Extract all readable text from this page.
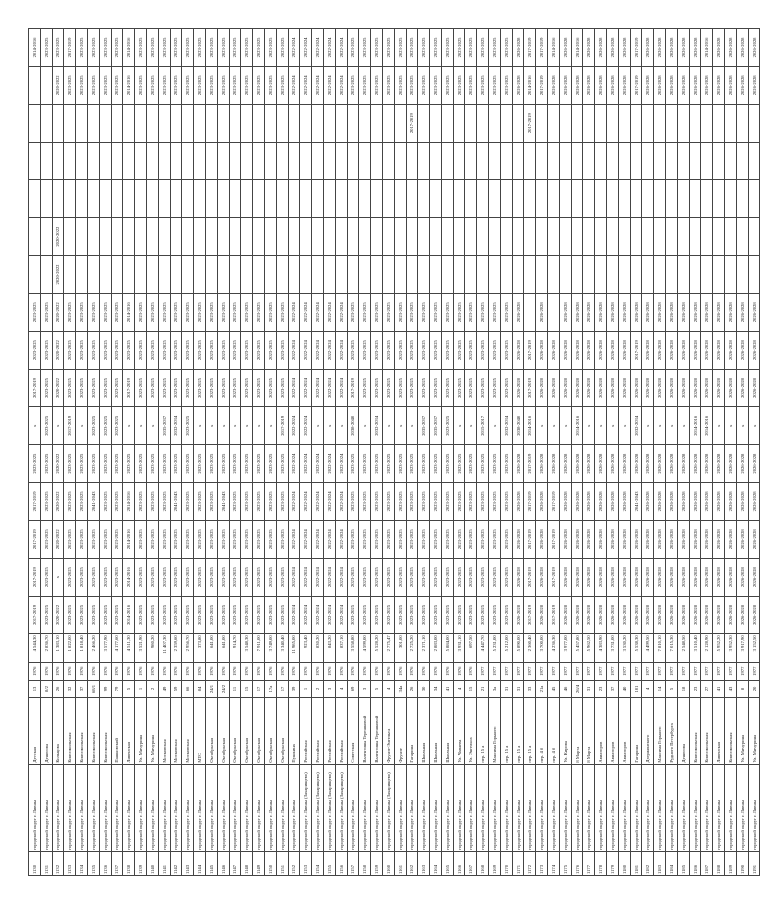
1130	городской округ г. Ливны	Детская	13	1976	4 544,30	2017-2019	2017-2019	2017-2019	2017-2019	2023-2025	x	2017-2019	2023-2025	2023-2025							2014-2016
1131	городской округ г. Ливны	Денисова	8/2	1976	2 836,70	2023-2025	2023-2025	2023-2025	2023-2025	2023-2025	2023-2025	2023-2025	2023-2025	2023-2025							2023-2025
1132	городской округ г. Ливны	Кольцова	26	1976	1 383,10	2020-2022	x	2020-2022	2020-2022	2020-2022	x	2020-2022	2020-2022	2020-2022	2020-2022	2020-2022				2020-2022	2023-2025
1133	городской округ г. Ливны	Комсомольская	32	1976	1 822,00	2023-2025	2023-2025	2023-2025	2023-2025	2023-2025	2017-2019	2023-2025	2023-2025	2023-2025						2023-2025	2017-2019
1134	городской округ г. Ливны	Комсомольская	37	1976	1 818,40	2023-2025	2023-2025	2023-2025	2023-2025	2023-2025	x	2023-2025	2023-2025	2023-2025						2023-2025	2023-2025
1135	городской округ г. Ливны	Комсомольская	68/1	1976	2 466,20	2023-2025	2023-2025	2023-2025	2041-2043	2023-2025	2023-2025	2023-2025	2023-2025	2023-2025						2023-2025	2023-2025
1136	городской округ г. Ливны	Комсомольская	99	1976	3 577,90	2023-2025	2023-2025	2023-2025	2023-2025	2023-2025	2023-2025	2023-2025	2023-2025	2023-2025						2023-2025	2023-2025
1137	городской округ г. Ливны	Пашковский	79	1976	4 177,60	2023-2025	2023-2025	2023-2025	2023-2025	2023-2025	2023-2025	2023-2025	2023-2025	2023-2025						2023-2025	2023-2025
1138	городской округ г. Ливны	Ливенская	5	1976	4 511,30	2014-2016	2014-2016	2014-2016	2014-2016	2023-2025	x	2017-2019	2023-2025	2014-2016						2014-2016	2014-2016
1139	городской округ г. Ливны	Ул. Мичурина	1	1976	3 521,90	2023-2025	2023-2025	2023-2025	2023-2025	2023-2025	x	2023-2025	2023-2025	2023-2025						2023-2025	2023-2025
1140	городской округ г. Ливны	Ул. Мичурина	2	1976	980,20	2023-2025	2023-2025	2023-2025	2023-2025	2023-2025	x	2023-2025	2023-2025	2023-2025						2023-2025	2023-2025
1141	городской округ г. Ливны	Московская	49	1976	11 407,30	2023-2025	2023-2025	2023-2025	2023-2025	2023-2025	2035-2037	2023-2025	2023-2025	2023-2025						2023-2025	2023-2025
1142	городской округ г. Ливны	Московская	59	1976	2 359,60	2023-2025	2023-2025	2023-2025	2041-2043	2023-2025	2032-2034	2023-2025	2023-2025	2023-2025						2023-2025	2023-2025
1143	городской округ г. Ливны	Московская	66	1976	2 956,70	2023-2025	2023-2025	2023-2025	2023-2025	2023-2025	2023-2025	2023-2025	2023-2025	2023-2025						2023-2025	2023-2025
1144	городской округ г. Ливны	МТС	84	1976	373,80	2023-2025	2023-2025	2023-2025	2023-2025	2023-2025	x	2023-2025	2023-2025	2023-2025						2023-2025	2023-2025
1145	городской округ г. Ливны	Октябрьская	24/1	1976	641,00	2023-2025	2023-2025	2023-2025	2023-2025	2023-2025	x	2023-2025	2023-2025	2023-2025						2023-2025	2023-2025
1146	городской округ г. Ливны	Октябрьская	24/2	1976	641,00	2023-2025	2023-2025	2023-2025	2041-2043	2023-2025	x	2023-2025	2023-2025	2023-2025						2023-2025	2023-2025
1147	городской округ г. Ливны	Октябрьская	11	1976	914,70	2023-2025	2023-2025	2023-2025	2023-2025	2023-2025	x	2023-2025	2023-2025	2023-2025						2023-2025	2023-2025
1148	городской округ г. Ливны	Октябрьская	15	1976	3 548,30	2023-2025	2023-2025	2023-2025	2023-2025	2023-2025	x	2023-2025	2023-2025	2023-2025						2023-2025	2023-2025
1149	городской округ г. Ливны	Октябрьская	17	1976	7 911,00	2023-2025	2023-2025	2023-2025	2023-2025	2023-2025	x	2023-2025	2023-2025	2023-2025						2023-2025	2023-2025
1150	городской округ г. Ливны	Октябрьская	17а	1976	3 749,00	2023-2025	2023-2025	2023-2025	2023-2025	2023-2025	x	2023-2025	2023-2025	2023-2025						2023-2025	2023-2025
1151	городской округ г. Ливны	Октябрьская	17	1976	3 340,40	2023-2025	2023-2025	2023-2025	2023-2025	2023-2025	2017-2019	2023-2025	2023-2025	2023-2025						2023-2025	2023-2025
1152	городской округ г. Ливны	Пушкина	39	1976	11 985,00	2022-2024	2022-2024	2022-2024	2022-2024	2022-2024	2022-2024	2022-2024	2022-2024	2022-2024						2022-2024	2022-2024
1153	городской округ г. Ливны (Захарищево)	Российская	1	1976	923,40	2022-2024	2022-2024	2022-2024	2022-2024	2022-2024	2022-2024	2022-2024	2022-2024	2022-2024						2022-2024	2022-2024
1154	городской округ г. Ливны (Захарищево)	Российская	2	1976	830,20	2022-2024	2022-2024	2022-2024	2022-2024	2022-2024	x	2022-2024	2022-2024	2022-2024						2022-2024	2022-2024
1155	городской округ г. Ливны (Захарищево)	Российская	3	1976	843,20	2022-2024	2022-2024	2022-2024	2022-2024	2022-2024	x	2022-2024	2022-2024	2022-2024						2022-2024	2022-2024
1156	городской округ г. Ливны (Захарищево)	Российская	4	1976	837,10	2022-2024	2022-2024	2022-2024	2022-2024	2022-2024	x	2022-2024	2022-2024	2022-2024						2022-2024	2022-2024
1157	городской округ г. Ливны	Советская	69	1976	3 558,80	2023-2025	2023-2025	2023-2025	2023-2025	2023-2025	2038-2040	2017-2019	2023-2025	2023-2025						2023-2025	2023-2025
1158	городской округ г. Ливны	Валентины Терешковой	3	1976	4 599,00	2023-2025	2023-2025	2023-2025	2023-2025	2023-2025	x	2023-2025	2023-2025	2023-2025						2023-2025	2023-2025
1159	городской округ г. Ливны	Валентины Терешковой	5	1976	5 528,20	2023-2025	2023-2025	2023-2025	2023-2025	2023-2025	2032-2034	2023-2025	2023-2025	2023-2025						2023-2025	2023-2025
1160	городской округ г. Ливны (Захарищево)	Фрунзе-Энгельса	4	1976	2 775,47	2023-2025	2023-2025	2023-2025	2023-2025	2023-2025	x	2023-2025	2023-2025	2023-2025						2023-2025	2023-2025
1161	городской округ г. Ливны	Фрунзе	34а	1976	301,00	2023-2025	2023-2025	2023-2025	2023-2025	2023-2025	x	2023-2025	2023-2025	2023-2025						2023-2025	2023-2025
1162	городской округ г. Ливны	Гагарина	26	1976	2 725,20	2023-2025	2023-2025	2023-2025	2023-2025	2023-2025	x	2023-2025	2023-2025	2023-2025					2017-2019	2023-2025	2023-2025
1163	городской округ г. Ливны	Школьная	30	1976	2 371,10	2023-2025	2023-2025	2023-2025	2023-2025	2023-2025	2035-2037	2023-2025	2023-2025	2023-2025						2023-2025	2023-2025
1164	городской округ г. Ливны	Школьная	34	1976	2 883,00	2023-2025	2023-2025	2023-2025	2023-2025	2023-2025	2035-2037	2023-2025	2023-2025	2023-2025						2023-2025	2023-2025
1165	городской округ г. Ливны	Школьная	41	1976	5 884,00	2023-2025	2023-2025	2023-2025	2023-2025	2023-2025	2023-2025	2023-2025	2023-2025	2023-2025						2023-2025	2023-2025
1166	городской округ г. Ливны	Ул. Чапаева	4	1976	3 931,10	2023-2025	2023-2025	2023-2025	2023-2025	2023-2025	x	2023-2025	2023-2025	2023-2025						2023-2025	2023-2025
1167	городской округ г. Ливны	Ул. Энгельса	15	1976	697,50	2023-2025	2023-2025	2023-2025	2023-2025	2023-2025	x	2023-2025	2023-2025	2023-2025						2023-2025	2023-2025
1168	городской округ г. Ливны	пер. 15 а	21	1977	4 447,70	2023-2025	2023-2025	2023-2025	2023-2025	2023-2025	2015-2017	2023-2025	2023-2025	2023-2025						2023-2025	2023-2025
1169	городской округ г. Ливны	Максима Горького	3а	1977	5 231,00	2023-2025	2023-2025	2023-2025	2023-2025	2023-2025	x	2023-2025	2023-2025	2023-2025						2023-2025	2023-2025
1170	городской округ г. Ливны	пер. 15 а	31	1977	5 212,00	2023-2025	2023-2025	2023-2025	2023-2025	2023-2025	2032-2034	2023-2025	2023-2025	2023-2025						2023-2025	2023-2025
1171	городской округ г. Ливны	пер. 15 а	31	1977	5 890,00	2026-2028	2026-2028	2026-2028	2026-2028	2026-2028	2038-2040	2026-2028	2026-2028	2026-2028						2026-2028	2026-2028
1172	городской округ г. Ливны	пер. 15 а	33	1977	2 360,40	2017-2019	2017-2019	2017-2019	2017-2019	2017-2019	2014-2016	2017-2019	2017-2019						2017-2019	2014-2016	2017-2019
1173	городской округ г. Ливны	пер. 4 б	21а	1977	3 700,00	2026-2028	2026-2028	2026-2028	2026-2028	2026-2028	x	2026-2028	2026-2028	2026-2028						2017-2019	2017-2019
1174	городской округ г. Ливны	пер. 4 б	45	1977	4 236,30	2017-2019	2017-2019	2017-2019	2017-2019	2026-2028	x	2026-2028	2026-2028							2026-2028	2014-2016
1175	городской округ г. Ливны	Ул. Кирова	46	1977	3 977,00	2026-2028	2026-2028	2026-2028	2026-2028	2026-2028	x	2026-2028	2026-2028	2026-2028						2026-2028	2026-2028
1176	городской округ г. Ливны	8 Марта	26/4	1977	5 457,80	2026-2028	2026-2028	2026-2028	2026-2028	2026-2028	2014-2016	2026-2028	2026-2028	2026-2028						2026-2028	2014-2016
1177	городской округ г. Ливны	8 Марта	31	1977	5 962,50	2026-2028	2026-2028	2026-2028	2026-2028	2026-2028	x	2026-2028	2026-2028	2026-2028						2026-2028	2026-2028
1178	городской округ г. Ливны	Авиаторов	23	1977	4 383,90	2026-2028	2026-2028	2026-2028	2026-2028	2026-2028	x	2026-2028	2026-2028	2026-2028						2026-2028	2026-2028
1179	городской округ г. Ливны	Авиаторов	37	1977	3 731,00	2026-2028	2026-2028	2026-2028	2026-2028	2026-2028	x	2026-2028	2026-2028	2026-2028						2026-2028	2026-2028
1180	городской округ г. Ливны	Авиаторов	40	1977	3 530,20	2026-2028	2026-2028	2026-2028	2026-2028	2026-2028	x	2026-2028	2026-2028	2026-2028						2026-2028	2026-2028
1181	городской округ г. Ливны	Гагарина	101	1977	5 538,30	2026-2028	2026-2028	2026-2028	2041-2043	2026-2028	2032-2034	2026-2028	2017-2019	2026-2028						2017-2019	2017-2019
1182	городской округ г. Ливны	Дзержинского	4	1977	4 499,50	2026-2028	2026-2028	2026-2028	2026-2028	2026-2028	x	2026-2028	2026-2028	2026-2028						2026-2028	2026-2028
1183	городской округ г. Ливны	Максима Горького	14	1977	7 810,10	2026-2028	2026-2028	2026-2028	2026-2028	2026-2028	x	2026-2028	2026-2028	2026-2028						2026-2028	2026-2028
1184	городской округ г. Ливны	Рудного Петербурга	5	1977	7 015,30	2026-2028	2026-2028	2026-2028	2026-2028	2026-2028	x	2026-2028	2026-2028	2026-2028						2026-2028	2026-2028
1185	городской округ г. Ливны	Денисова	18	1977	2 548,50	2026-2028	2026-2028	2026-2028	2026-2028	2026-2028	x	2026-2028	2026-2028	2026-2028						2026-2028	2026-2028
1186	городской округ г. Ливны	Комсомольская	23	1977	3 510,40	2026-2028	2026-2028	2026-2028	2026-2028	2026-2028	2014-2016	2026-2028	2026-2028	2026-2028						2026-2028	2026-2028
1187	городской округ г. Ливны	Комсомольская	27	1977	2 128,90	2026-2028	2026-2028	2026-2028	2026-2028	2026-2028	2014-2016	2026-2028	2026-2028	2026-2028						2026-2028	2014-2016
1188	городской округ г. Ливны	Ливенская	41	1977	5 952,20	2026-2028	2026-2028	2026-2028	2026-2028	2026-2028	x	2026-2028	2026-2028	2026-2028						2026-2028	2026-2028
1189	городской округ г. Ливны	Комсомольская	43	1977	3 952,30	2026-2028	2026-2028	2026-2028	2026-2028	2026-2028	x	2026-2028	2026-2028	2026-2028						2026-2028	2026-2028
1190	городской округ г. Ливны	Ул. Мичурина	8	1977	3 917,90	2026-2028	2026-2028	2026-2028	2026-2028	2026-2028	x	2026-2028	2026-2028	2026-2028						2026-2028	2026-2028
1191	городской округ г. Ливны	Ул. Мичурина	20	1977	3 152,50	2026-2028	2026-2028	2026-2028	2026-2028	2026-2028	x	2026-2028	2026-2028	2026-2028						2026-2028	2026-2028
